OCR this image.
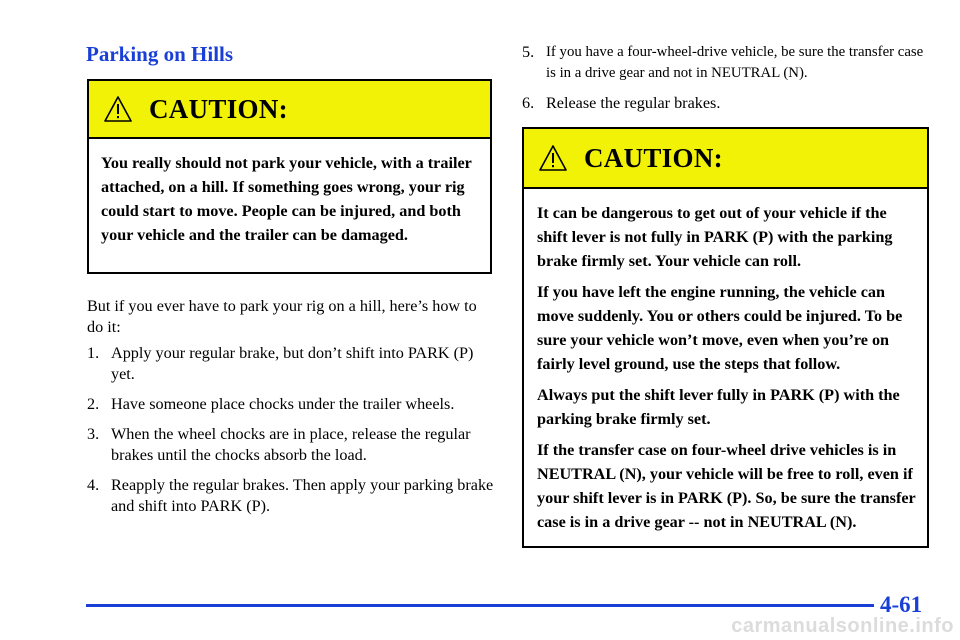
Parking on Hills
CAUTION:

You really should not park your vehicle, with a trailer attached, on a hill. If something goes wrong, your rig could start to move. People can be injured, and both your vehicle and the trailer can be damaged.

But if you ever have to park your rig on a hill, here’s how to do it:

1. Apply your regular brake, but don’t shift into PARK (P) yet.
2. Have someone place chocks under the trailer wheels.
3. When the wheel chocks are in place, release the regular brakes until the chocks absorb the load.
4. Reapply the regular brakes. Then apply your parking brake and shift into PARK (P).
5. If you have a four-wheel-drive vehicle, be sure the transfer case is in a drive gear and not in NEUTRAL (N).
6. Release the regular brakes.
CAUTION:

It can be dangerous to get out of your vehicle if the shift lever is not fully in PARK (P) with the parking brake firmly set. Your vehicle can roll.

If you have left the engine running, the vehicle can move suddenly. You or others could be injured. To be sure your vehicle won’t move, even when you’re on fairly level ground, use the steps that follow.

Always put the shift lever fully in PARK (P) with the parking brake firmly set.

If the transfer case on four-wheel drive vehicles is in NEUTRAL (N), your vehicle will be free to roll, even if your shift lever is in PARK (P). So, be sure the transfer case is in a drive gear -- not in NEUTRAL (N).

4-61
carmanualsonline.info
